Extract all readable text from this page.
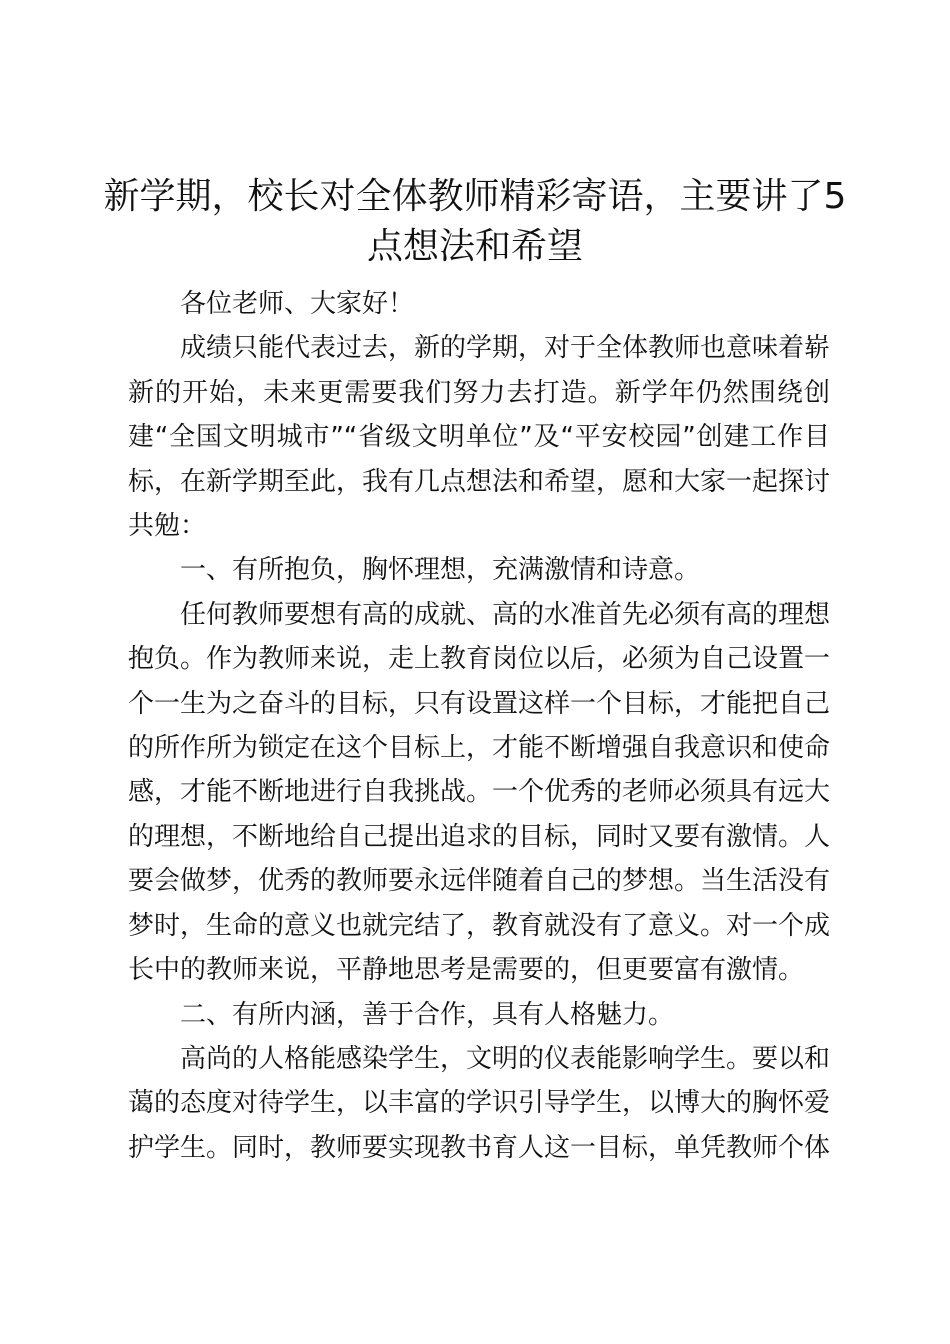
新学期，校长对全体教师精彩寄语，主要讲了5点想法和希望

各位老师、大家好！

成绩只能代表过去，新的学期，对于全体教师也意味着崭新的开始，未来更需要我们努力去打造。新学年仍然围绕创建“全国文明城市”“省级文明单位”及“平安校园”创建工作目标，在新学期至此，我有几点想法和希望，愿和大家一起探讨共勉：

一、有所抱负，胸怀理想，充满激情和诗意。

任何教师要想有高的成就、高的水准首先必须有高的理想抱负。作为教师来说，走上教育岗位以后，必须为自己设置一个一生为之奋斗的目标，只有设置这样一个目标，才能把自己的所作所为锁定在这个目标上，才能不断增强自我意识和使命感，才能不断地进行自我挑战。一个优秀的老师必须具有远大的理想，不断地给自己提出追求的目标，同时又要有激情。人要会做梦，优秀的教师要永远伴随着自己的梦想。当生活没有梦时，生命的意义也就完结了，教育就没有了意义。对一个成长中的教师来说，平静地思考是需要的，但更要富有激情。

二、有所内涵，善于合作，具有人格魅力。

高尚的人格能感染学生，文明的仪表能影响学生。要以和蔼的态度对待学生，以丰富的学识引导学生，以博大的胸怀爱护学生。同时，教师要实现教书育人这一目标，单凭教师个体
